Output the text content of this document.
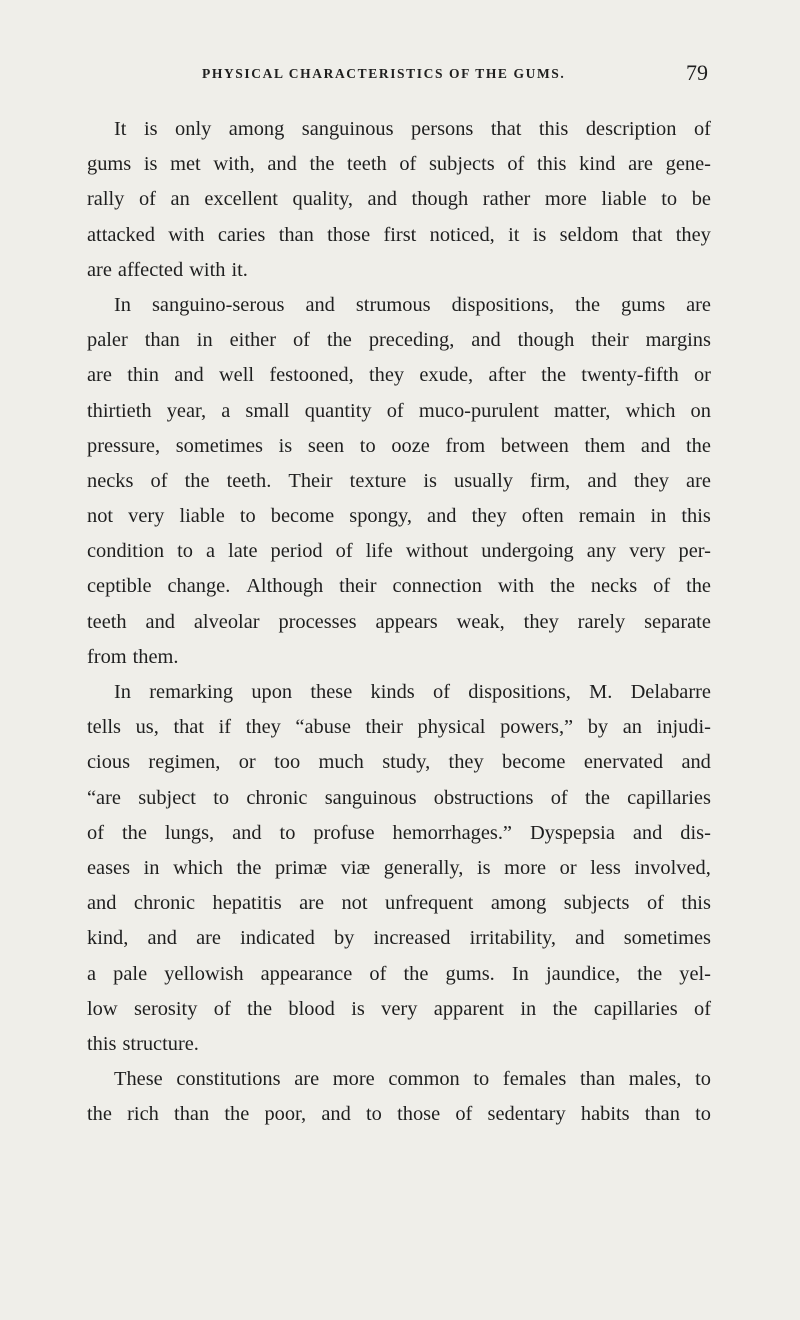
PHYSICAL CHARACTERISTICS OF THE GUMS.	79
It is only among sanguinous persons that this description of
gums is met with, and the teeth of subjects of this kind are gene-
rally of an excellent quality, and though rather more liable to be
attacked with caries than those first noticed, it is seldom that they
are affected with it.
In sanguino-serous and strumous dispositions, the gums are
paler than in either of the preceding, and though their margins
are thin and well festooned, they exude, after the twenty-fifth or
thirtieth year, a small quantity of muco-purulent matter, which on
pressure, sometimes is seen to ooze from between them and the
necks of the teeth. Their texture is usually firm, and they are
not very liable to become spongy, and they often remain in this
condition to a late period of life without undergoing any very per-
ceptible change. Although their connection with the necks of the
teeth and alveolar processes appears weak, they rarely separate
from them.
In remarking upon these kinds of dispositions, M. Delabarre
tells us, that if they “abuse their physical powers,” by an injudi-
cious regimen, or too much study, they become enervated and
“are subject to chronic sanguinous obstructions of the capillaries
of the lungs, and to profuse hemorrhages.” Dyspepsia and dis-
eases in which the primæ viæ generally, is more or less involved,
and chronic hepatitis are not unfrequent among subjects of this
kind, and are indicated by increased irritability, and sometimes
a pale yellowish appearance of the gums. In jaundice, the yel-
low serosity of the blood is very apparent in the capillaries of
this structure.
These constitutions are more common to females than males, to
the rich than the poor, and to those of sedentary habits than to
